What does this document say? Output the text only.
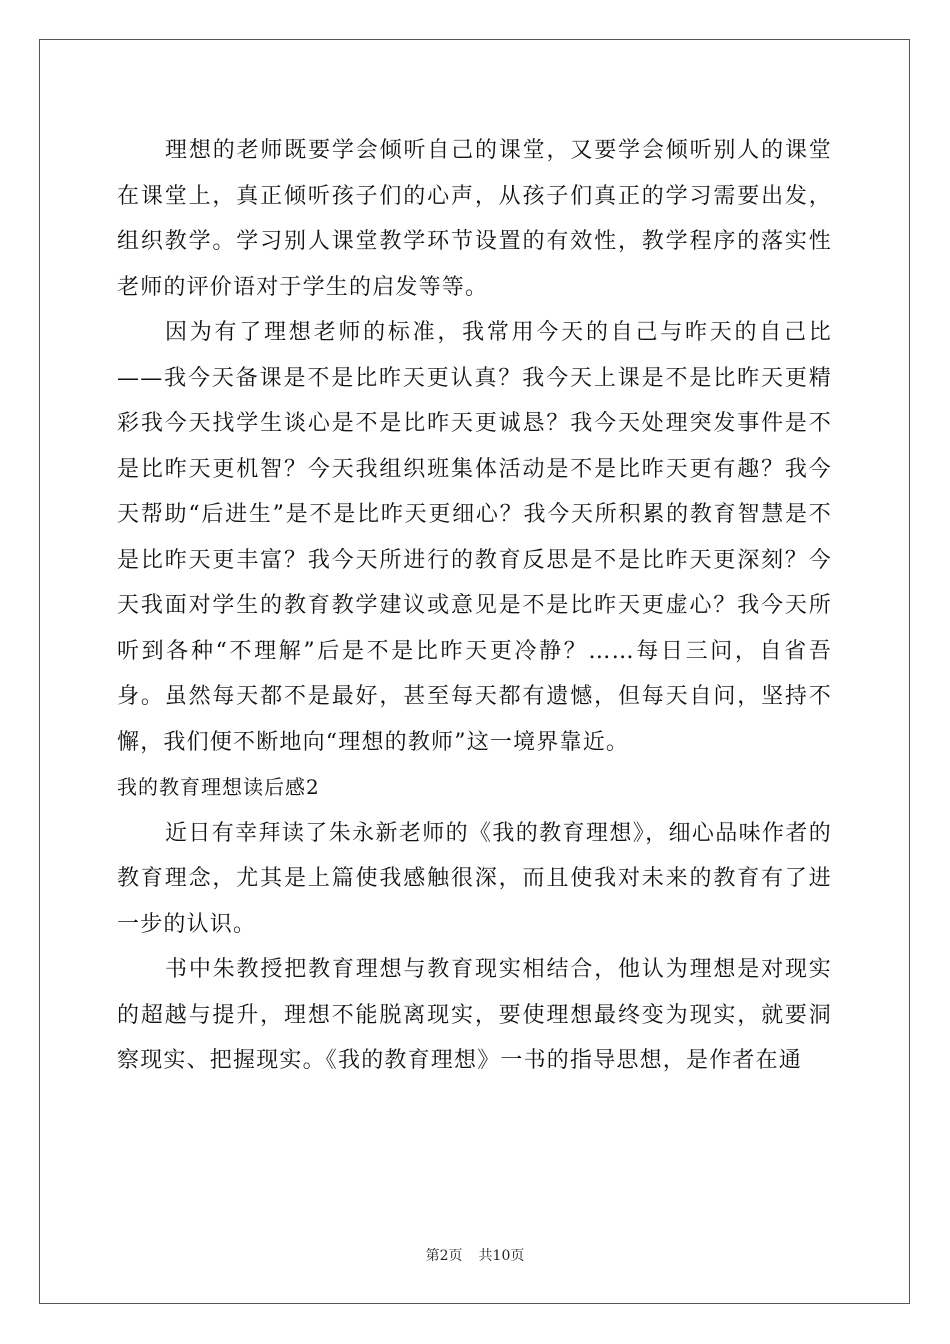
理想的老师既要学会倾听自己的课堂，又要学会倾听别人的课堂在课堂上，真正倾听孩子们的心声，从孩子们真正的学习需要出发，组织教学。学习别人课堂教学环节设置的有效性，教学程序的落实性老师的评价语对于学生的启发等等。

因为有了理想老师的标准，我常用今天的自己与昨天的自己比——我今天备课是不是比昨天更认真？我今天上课是不是比昨天更精彩我今天找学生谈心是不是比昨天更诚恳？我今天处理突发事件是不是比昨天更机智？今天我组织班集体活动是不是比昨天更有趣？我今天帮助“后进生”是不是比昨天更细心？我今天所积累的教育智慧是不是比昨天更丰富？我今天所进行的教育反思是不是比昨天更深刻？今天我面对学生的教育教学建议或意见是不是比昨天更虚心？我今天所听到各种“不理解”后是不是比昨天更冷静？……每日三问，自省吾身。虽然每天都不是最好，甚至每天都有遗憾，但每天自问，坚持不懈，我们便不断地向“理想的教师”这一境界靠近。

我的教育理想读后感2

近日有幸拜读了朱永新老师的《我的教育理想》，细心品味作者的教育理念，尤其是上篇使我感触很深，而且使我对未来的教育有了进一步的认识。

书中朱教授把教育理想与教育现实相结合，他认为理想是对现实的超越与提升，理想不能脱离现实，要使理想最终变为现实，就要洞察现实、把握现实。《我的教育理想》一书的指导思想，是作者在通

第2页 共10页
